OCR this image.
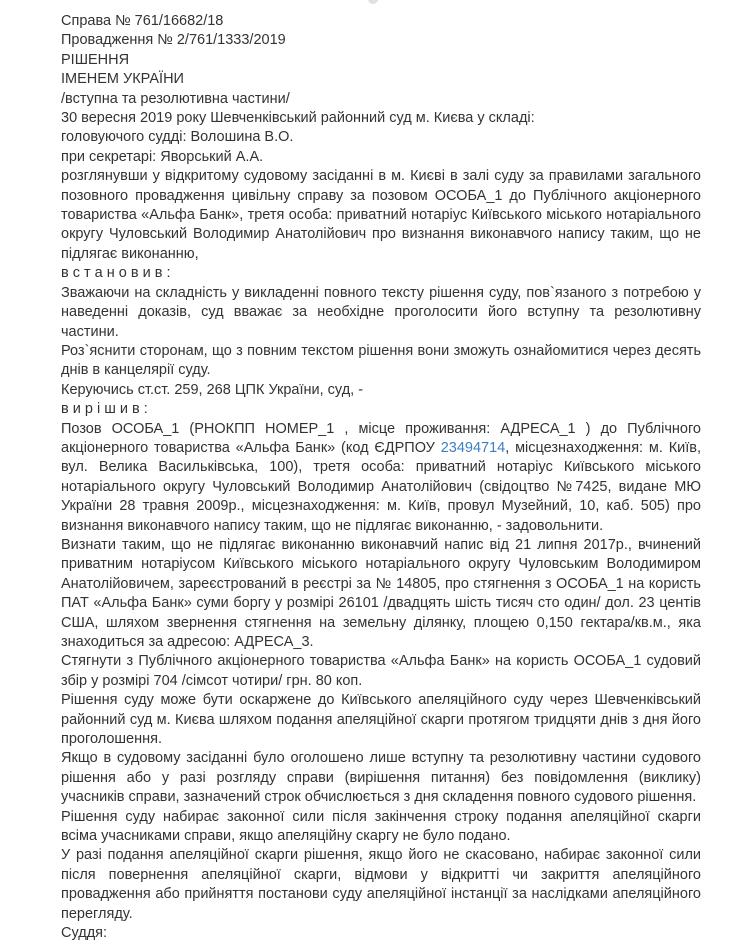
Справа № 761/16682/18

Провадження № 2/761/1333/2019

РІШЕННЯ

ІМЕНЕМ УКРАЇНИ

/вступна та резолютивна частини/

30 вересня 2019 року Шевченківський районний суд м. Києва у складі:

головуючого судді: Волошина В.О.

при секретарі: Яворський А.А.

розглянувши у відкритому судовому засіданні в м. Києві в залі суду за правилами загального позовного провадження цивільну справу за позовом ОСОБА_1 до Публічного акціонерного товариства «Альфа Банк», третя особа: приватний нотаріус Київського міського нотаріального округу Чуловський Володимир Анатолійович про визнання виконавчого напису таким, що не підлягає виконанню,

в с т а н о в и в :

Зважаючи на складність у викладенні повного тексту рішення суду, пов`язаного з потребою у наведенні доказів, суд вважає за необхідне проголосити його вступну та резолютивну частини.

Роз`яснити сторонам, що з повним текстом рішення вони зможуть ознайомитися через десять днів в канцелярії суду.

Керуючись ст.ст. 259, 268 ЦПК України, суд, -

в и р і ш и в :

Позов ОСОБА_1 (РНОКПП НОМЕР_1 , місце проживання: АДРЕСА_1 ) до Публічного акціонерного товариства «Альфа Банк» (код ЄДРПОУ 23494714, місцезнаходження: м. Київ, вул. Велика Васильківська, 100), третя особа: приватний нотаріус Київського міського нотаріального округу Чуловський Володимир Анатолійович (свідоцтво №7425, видане МЮ України 28 травня 2009р., місцезнаходження: м. Київ, провул Музейний, 10, каб. 505) про визнання виконавчого напису таким, що не підлягає виконанню, - задовольнити.

Визнати таким, що не підлягає виконанню виконавчий напис від 21 липня 2017р., вчинений приватним нотаріусом Київського міського нотаріального округу Чуловським Володимиром Анатолійовичем, зареєстрований в реєстрі за № 14805, про стягнення з ОСОБА_1 на користь ПАТ «Альфа Банк» суми боргу у розмірі 26101 /двадцять шість тисяч сто один/ дол. 23 центів США, шляхом звернення стягнення на земельну ділянку, площею 0,150 гектара/кв.м., яка знаходиться за адресою: АДРЕСА_3.

Стягнути з Публічного акціонерного товариства «Альфа Банк» на користь ОСОБА_1 судовий збір у розмірі 704 /сімсот чотири/ грн. 80 коп.

Рішення суду може бути оскаржене до Київського апеляційного суду через Шевченківський районний суд м. Києва шляхом подання апеляційної скарги протягом тридцяти днів з дня його проголошення.

Якщо в судовому засіданні було оголошено лише вступну та резолютивну частини судового рішення або у разі розгляду справи (вирішення питання) без повідомлення (виклику) учасників справи, зазначений строк обчислюється з дня складення повного судового рішення.

Рішення суду набирає законної сили після закінчення строку подання апеляційної скарги всіма учасниками справи, якщо апеляційну скаргу не було подано.

У разі подання апеляційної скарги рішення, якщо його не скасовано, набирає законної сили після повернення апеляційної скарги, відмови у відкритті чи закриття апеляційного провадження або прийняття постанови суду апеляційної інстанції за наслідками апеляційного перегляду.

Суддя:
